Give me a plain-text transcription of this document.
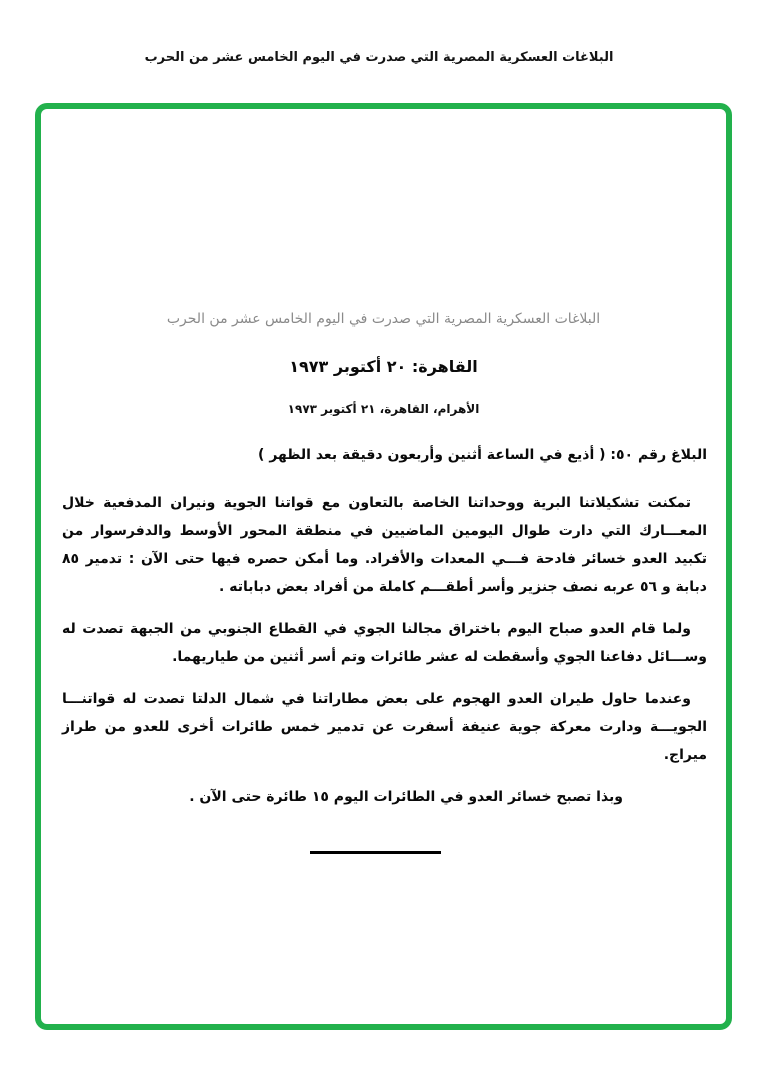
البلاغات العسكرية المصرية التي صدرت في اليوم الخامس عشر من الحرب
البلاغات العسكرية المصرية التي صدرت في اليوم الخامس عشر من الحرب
القاهرة: ٢٠ أكتوبر ١٩٧٣
الأهرام، القاهرة، ٢١ أكتوبر ١٩٧٣

البلاغ رقم ٥٠: ( أذيع في الساعة أثنين وأربعون دقيقة بعد الظهر )

تمكنت تشكيلاتنا البرية ووحداتنا الخاصة بالتعاون مع قواتنا الجوية ونيران المدفعية خلال المعـــارك التي دارت طوال اليومين الماضيين في منطقة المحور الأوسط والدفرسوار من تكبيد العدو خسائر فادحة فـــي المعدات والأفراد. وما أمكن حصره فيها حتى الآن : تدمير ٨٥ دبابة و ٥٦ عربه نصف جنزير وأسر أطقـــم كاملة من أفراد بعض دباباته .

ولما قام العدو صباح اليوم باختراق مجالنا الجوي في القطاع الجنوبي من الجبهة تصدت له وســـائل دفاعنا الجوي وأسقطت له عشر طائرات وتم أسر أثنين من طياريهما.

وعندما حاول طيران العدو الهجوم على بعض مطاراتنا في شمال الدلتا تصدت له قواتنـــا الجويـــة ودارت معركة جوية عنيفة أسفرت عن تدمير خمس طائرات أخرى للعدو من طراز ميراج.

وبذا تصبح خسائر العدو في الطائرات اليوم ١٥ طائرة حتى الآن .
